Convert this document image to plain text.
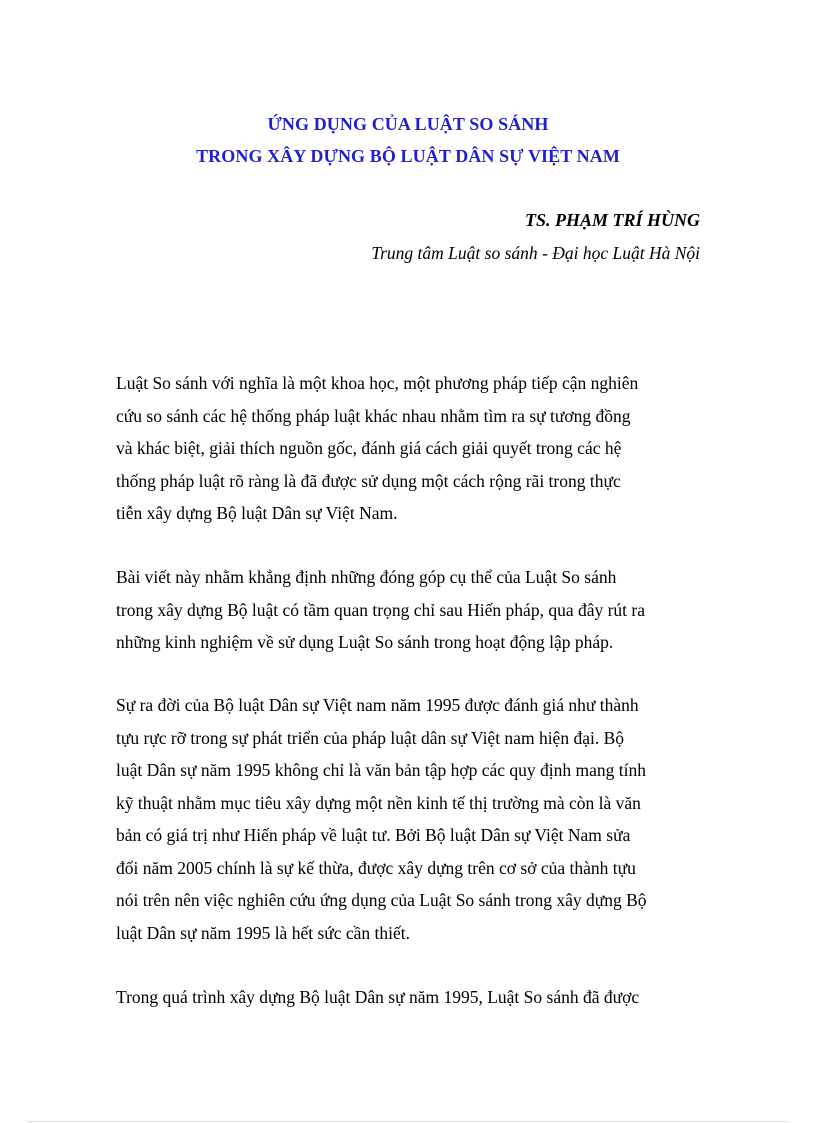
ỨNG DỤNG CỦA LUẬT SO SÁNH
TRONG XÂY DỰNG BỘ LUẬT DÂN SỰ VIỆT NAM
TS. PHẠM TRÍ HÙNG
Trung tâm Luật so sánh - Đại học Luật Hà Nội
Luật So sánh với nghĩa là một khoa học, một phương pháp tiếp cận nghiên
cứu so sánh các hệ thống pháp luật khác nhau nhằm tìm ra sự tương đồng
và khác biệt, giải thích nguồn gốc, đánh giá cách giải quyết trong các hệ
thống pháp luật rõ ràng là đã được sử dụng một cách rộng rãi trong thực
tiễn xây dựng Bộ luật Dân sự Việt Nam.
Bài viết này nhằm khẳng định những đóng góp cụ thể của Luật So sánh
trong xây dựng Bộ luật có tầm quan trọng chỉ sau Hiến pháp, qua đây rút ra
những kinh nghiệm về sử dụng Luật So sánh trong hoạt động lập pháp.
Sự ra đời của Bộ luật Dân sự Việt nam năm 1995 được đánh giá như thành
tựu rực rỡ trong sự phát triển của pháp luật dân sự Việt nam hiện đại. Bộ
luật Dân sự năm 1995 không chỉ là văn bản tập hợp các quy định mang tính
kỹ thuật nhằm mục tiêu xây dựng một nền kinh tế thị trường mà còn là văn
bản có giá trị như Hiến pháp về luật tư. Bởi Bộ luật Dân sự Việt Nam sửa
đổi năm 2005 chính là sự kế thừa, được xây dựng trên cơ sở của thành tựu
nói trên nên việc nghiên cứu ứng dụng của Luật So sánh trong xây dựng Bộ
luật Dân sự năm 1995 là hết sức cần thiết.
Trong quá trình xây dựng Bộ luật Dân sự năm 1995, Luật So sánh đã được
